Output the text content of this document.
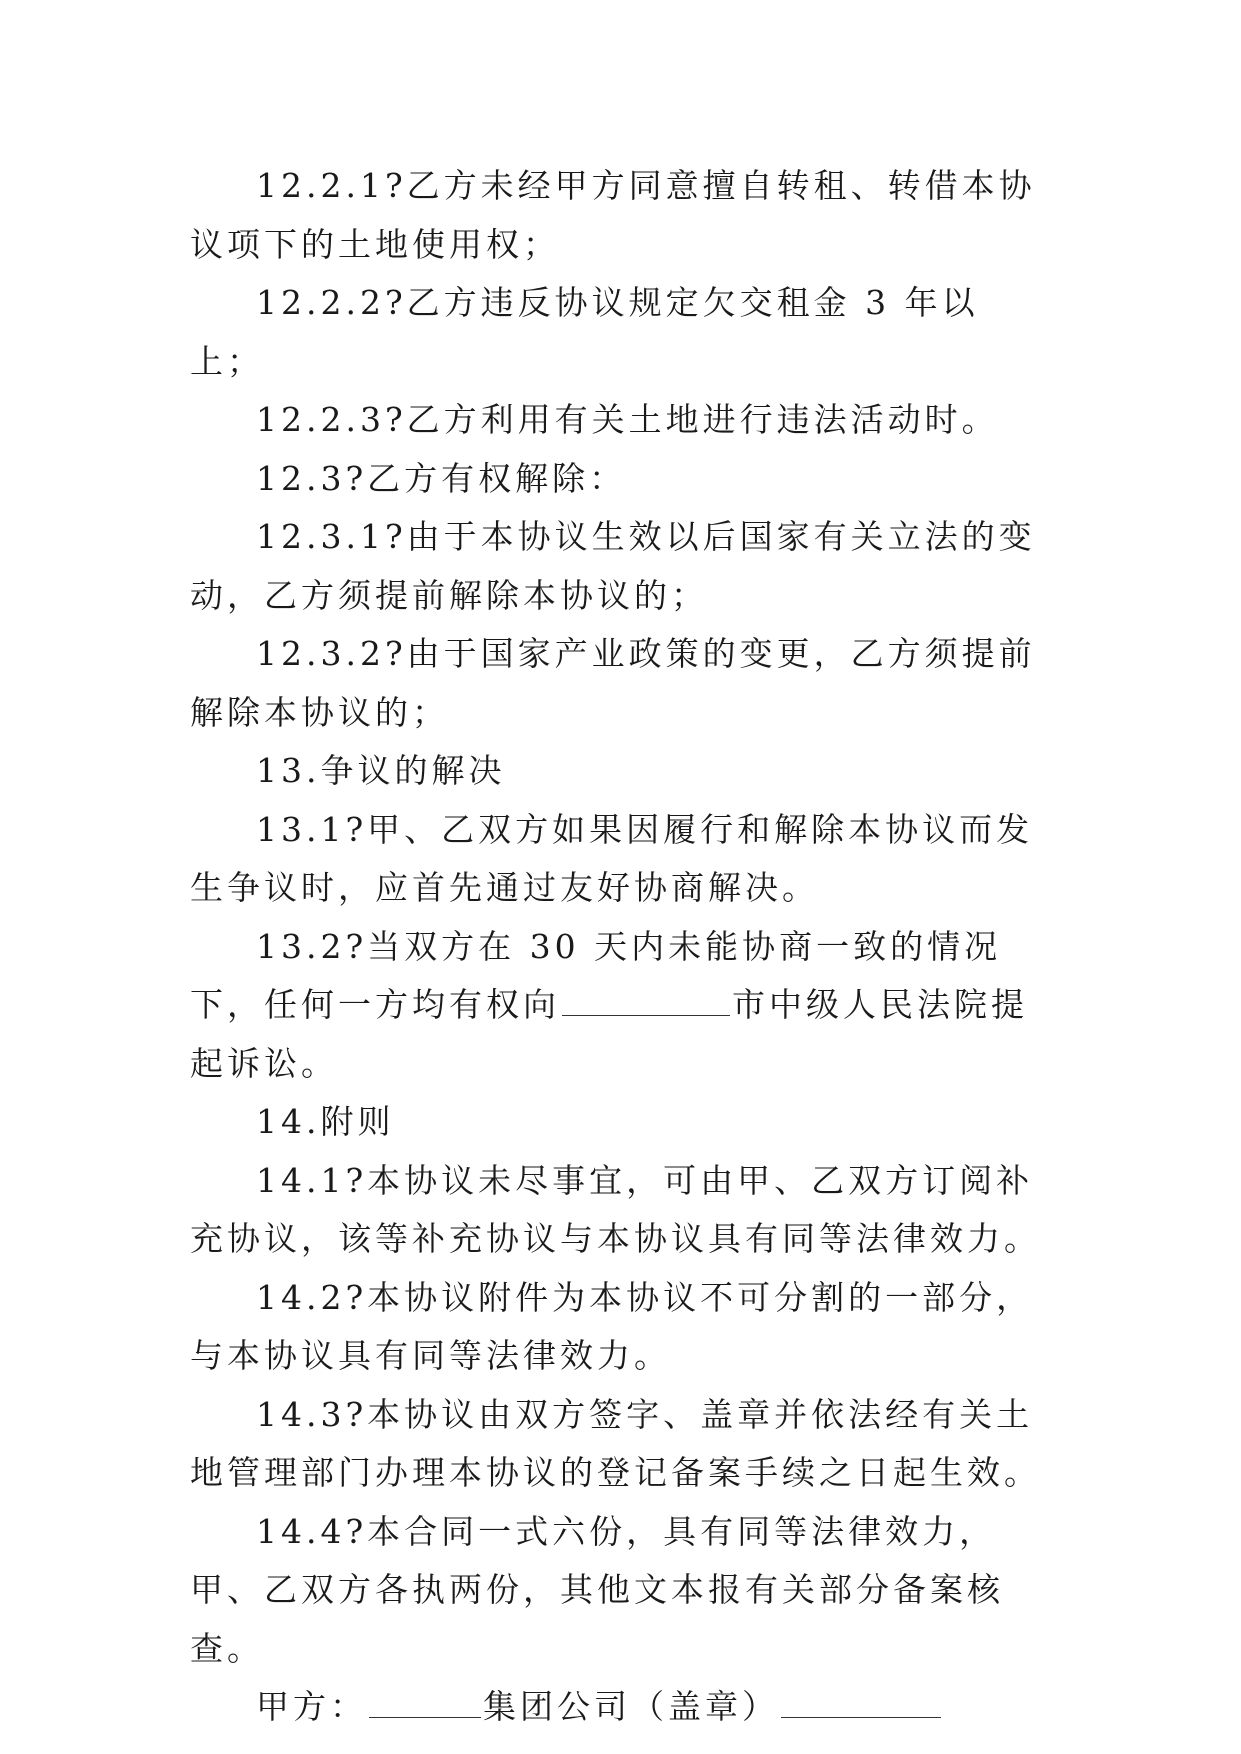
12.2.1?乙方未经甲方同意擅自转租、转借本协议项下的土地使用权；

12.2.2?乙方违反协议规定欠交租金 3 年以上；

12.2.3?乙方利用有关土地进行违法活动时。

12.3?乙方有权解除：

12.3.1?由于本协议生效以后国家有关立法的变动，乙方须提前解除本协议的；

12.3.2?由于国家产业政策的变更，乙方须提前解除本协议的；

13.争议的解决

13.1?甲、乙双方如果因履行和解除本协议而发生争议时，应首先通过友好协商解决。

13.2?当双方在 30 天内未能协商一致的情况下，任何一方均有权向	市中级人民法院提起诉讼。

14.附则

14.1?本协议未尽事宜，可由甲、乙双方订阅补充协议，该等补充协议与本协议具有同等法律效力。

14.2?本协议附件为本协议不可分割的一部分，与本协议具有同等法律效力。

14.3?本协议由双方签字、盖章并依法经有关土地管理部门办理本协议的登记备案手续之日起生效。

14.4?本合同一式六份，具有同等法律效力，甲、乙双方各执两份，其他文本报有关部分备案核查。

甲方：	集团公司（盖章）
